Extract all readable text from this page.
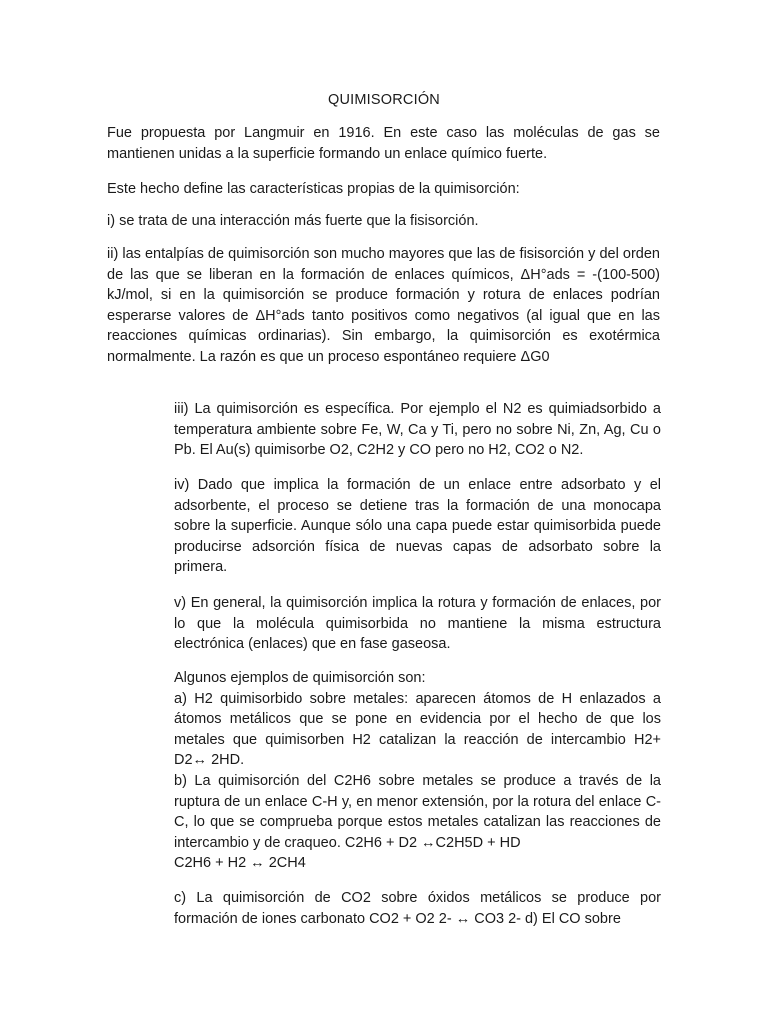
QUIMISORCIÓN

Fue propuesta por Langmuir en 1916. En este caso las moléculas de gas se mantienen unidas a la superficie formando un enlace químico fuerte.

Este hecho define las características propias de la quimisorción:

i) se trata de una interacción más fuerte que la fisisorción.

ii) las entalpías de quimisorción son mucho mayores que las de fisisorción y del orden de las que se liberan en la formación de enlaces químicos, ΔH°ads = -(100-500) kJ/mol, si en la quimisorción se produce formación y rotura de enlaces podrían esperarse valores de ΔH°ads tanto positivos como negativos (al igual que en las reacciones químicas ordinarias). Sin embargo, la quimisorción es exotérmica normalmente. La razón es que un proceso espontáneo requiere ΔG0

iii) La quimisorción es específica. Por ejemplo el N2 es quimiadsorbido a temperatura ambiente sobre Fe, W, Ca y Ti, pero no sobre Ni, Zn, Ag, Cu o Pb. El Au(s) quimisorbe O2, C2H2 y CO pero no H2, CO2 o N2.

iv) Dado que implica la formación de un enlace entre adsorbato y el adsorbente, el proceso se detiene tras la formación de una monocapa sobre la superficie. Aunque sólo una capa puede estar quimisorbida puede producirse adsorción física de nuevas capas de adsorbato sobre la primera.

v) En general, la quimisorción implica la rotura y formación de enlaces, por lo que la molécula quimisorbida no mantiene la misma estructura electrónica (enlaces) que en fase gaseosa.

Algunos ejemplos de quimisorción son:
a) H2 quimisorbido sobre metales: aparecen átomos de H enlazados a átomos metálicos que se pone en evidencia por el hecho de que los metales que quimisorben H2 catalizan la reacción de intercambio H2+ D2↔ 2HD.
b) La quimisorción del C2H6 sobre metales se produce a través de la ruptura de un enlace C-H y, en menor extensión, por la rotura del enlace C-C, lo que se comprueba porque estos metales catalizan las reacciones de intercambio y de craqueo. C2H6 + D2 ↔C2H5D + HD
C2H6 + H2 ↔ 2CH4

c) La quimisorción de CO2 sobre óxidos metálicos se produce por formación de iones carbonato CO2 + O2 2- ↔ CO3 2- d) El CO sobre
